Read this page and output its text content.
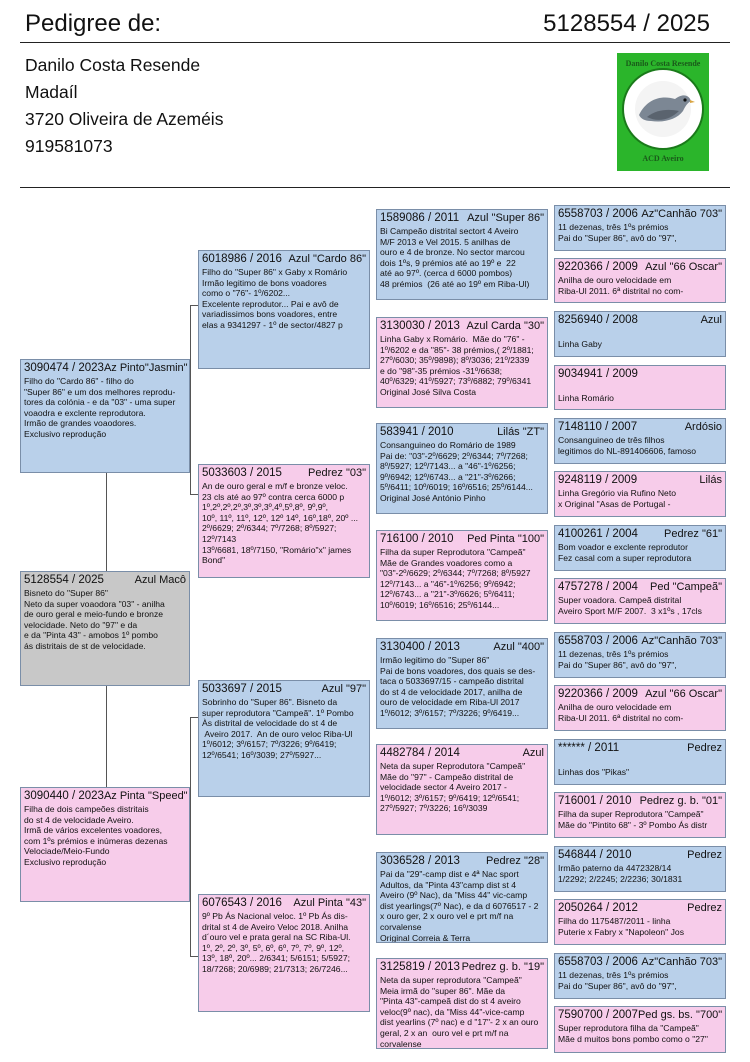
Pedigree de:	5128554 / 2025
Danilo Costa Resende
Madaíl
3720 Oliveira de Azeméis
919581073
Danilo Costa Resende
ACD Aveiro
3090474 / 2023 Az Pinto"Jasmin"
Filho do "Cardo 86" - filho do
"Super 86" e um dos melhores reprodu-
tores da colónia - e da "03" - uma super
voaodra e exclente reprodutora.
Irmão de grandes voaodores.
Exclusivo reprodução
5128554 / 2025	Azul Macô
Bisneto do "Super 86"
Neto da super voaodora "03" - anilha
de ouro geral e meio-fundo e bronze
velocidade. Neto do "97" e da
e da "Pinta 43" - amobos 1º pombo
ás distritais de st de velocidade.
3090440 / 2023 Az Pinta "Speed"
Filha de dois campeões distritais
do st 4 de velocidade Aveiro.
Irmã de vários excelentes voadores,
com 1ºs prémios e inúmeras dezenas
Velociade/Meio-Fundo
Exclusivo reprodução
6018986 / 2016 Azul "Cardo 86"
Filho do "Super 86" x Gaby x Romário
Irmão legitimo de bons voadores
como o "76"- 1º/6202...
Excelente reprodutor... Pai e avô de
variadissimos bons voadores, entre
elas a 9341297 - 1º de sector/4827 p
5033603 / 2015 Pedrez "03"
An de ouro geral e m/f e bronze veloc.
23 cls até ao 97º contra cerca 6000 p
1º,2º,2º,2º,3º,3º,3º,4º,5º,8º, 9º,9º,
10º, 11º, 11º, 12º, 12º 14º, 16º,18º, 20º ...
2º/6629; 2º/6344; 7º/7268; 8º/5927; 12º/7143
13º/6681, 18º/7150, "Romário"x" james Bond"
5033697 / 2015	Azul "97"
Sobrinho do "Super 86". Bisneto da
super reprodutora "Campeã". 1º Pombo
Às distrital de velocidade do st 4 de
Aveiro 2017.  An de ouro veloc Riba-Ul
1º/6012; 3º/6157; 7º/3226; 9º/6419;
12º/6541; 16º/3039; 27º/5927...
6076543 / 2016 Azul Pinta "43"
9º Pb Ás Nacional veloc. 1º Pb Ás dis-
drital st 4 de Aveiro Veloc 2018. Anilha
d´ouro vel e prata geral na SC Riba-Ul.
1º, 2º, 2º, 3º, 5º, 6º, 6º, 7º, 7º, 9º, 12º,
13º, 18º, 20º... 2/6341; 5/6151; 5/5927;
18/7268; 20/6989; 21/7313; 26/7246...
1589086 / 2011 Azul "Super 86"
Bi Campeão distrital sectort 4 Aveiro
M/F 2013 e Vel 2015. 5 anilhas de
ouro e 4 de bronze. No sector marcou
dois 1ºs, 9 prémios até ao 19º e  22
até ao 97º. (cerca d 6000 pombos)
48 prémios  (26 até ao 19º em Riba-Ul)
3130030 / 2013 Azul Carda "30"
Linha Gaby x Romário.  Mãe do "76" -
1º/6202 e da "85"- 38 prémios,( 2º/1881;
27º/6030; 35º/9898); 8º/3036; 21º/2339
e do "98"-35 prémios -31º/6638;
40º/6329; 41º/5927; 73º/6882; 79º/6341
Original José Silva Costa
583941 / 2010	Lilás "ZT"
Consanguineo do Romário de 1989
Pai de: "03"-2º/6629; 2º/6344; 7º/7268;
8º/5927; 12º/7143... a "46"-1º/6256;
9º/6942; 12º/6743... a "21"-3º/6266;
5º/6411; 10º/6019; 16º/6516; 25º/6144...
Original José António Pinho
716100 / 2010 Ped Pinta "100"
Filha da super Reprodutora "Campeã"
Mãe de Grandes voadores como a
"03"-2º/6629; 2º/6344; 7º/7268; 8º/5927
12º/7143... a "46"-1º/6256; 9º/6942;
12º/6743... a "21"-3º/6626; 5º/6411;
10º/6019; 16º/6516; 25º/6144...
3130400 / 2013	Azul "400"
Irmão legitimo do "Super 86"
Pai de bons voadores, dos quais se des-
taca o 5033697/15 - campeão distrital
do st 4 de velocidade 2017, anilha de
ouro de velocidade em Riba-Ul 2017
1º/6012; 3º/6157; 7º/3226; 9º/6419...
4482784 / 2014	Azul
Neta da super Reprodutora "Campeã"
Mãe do "97" - Campeão distrital de
velocidade sector 4 Aveiro 2017 -
1º/6012; 3º/6157; 9º/6419; 12º/6541;
27º/5927; 7º/3226; 16º/3039
3036528 / 2013 Pedrez "28"
Pai da "29"-camp dist e 4ª Nac sport
Adultos, da "Pinta 43"camp dist st 4
Aveiro (9º Nac), da "Miss 44" vic-camp
dist yearlings(7º Nac), e da d 6076517 - 2
x ouro ger, 2 x ouro vel e prt m/f na corvalense
Original Correia & Terra
3125819 / 2013 Pedrez g. b. "19"
Neta da super reprodutora "Campeã"
Meia irmã do "super 86". Mãe da
"Pinta 43"-campeã dist do st 4 aveiro
veloc(9º nac), da "Miss 44"-vice-camp
dist yearlins (7º nac) e d "17"- 2 x an ouro
geral, 2 x an  ouro vel e prt m/f na corvalense
6558703 / 2006 Az"Canhão 703"
11 dezenas, três 1ºs prémios
Pai do "Super 86", avô do "97",
9220366 / 2009 Azul "66 Oscar"
Anilha de ouro velocidade em
Riba-Ul 2011. 6ª distrital no com-
8256940 / 2008	Azul

Linha Gaby
9034941 / 2009

Linha Romário
7148110 / 2007	Ardósio
Consanguineo de três filhos
legitimos do NL-891406606, famoso
9248119 / 2009	Lilás
Linha Gregório via Rufino Neto
x Original "Asas de Portugal -
4100261 / 2004 Pedrez "61"
Bom voador e exclente reprodutor
Fez casal com a super reprodutora
4757278 / 2004 Ped "Campeã"
Super voadora. Campeã distrital
Aveiro Sport M/F 2007.  3 x1ºs , 17cls
6558703 / 2006 Az"Canhão 703"
11 dezenas, três 1ºs prémios
Pai do "Super 86", avô do "97",
9220366 / 2009 Azul "66 Oscar"
Anilha de ouro velocidade em
Riba-Ul 2011. 6ª distrital no com-
****** / 2011	Pedrez

Linhas dos "Pikas"
716001 / 2010 Pedrez g. b. "01"
Filha da super Reprodutora "Campeã"
Mãe do "Pintito 68" - 3º Pombo Ás distr
546844 / 2010	Pedrez
Irmão paterno da 4472328/14
1/2292; 2/2245; 2/2236; 30/1831
2050264 / 2012	Pedrez
Filha do 1175487/2011 - linha
Puterie x Fabry x "Napoleon" Jos
6558703 / 2006 Az"Canhão 703"
11 dezenas, três 1ºs prémios
Pai do "Super 86", avô do "97",
7590700 / 2007 Ped gs. bs. "700"
Super reprodutora filha da "Campeã"
Mãe d muitos bons pombo como o "27"
